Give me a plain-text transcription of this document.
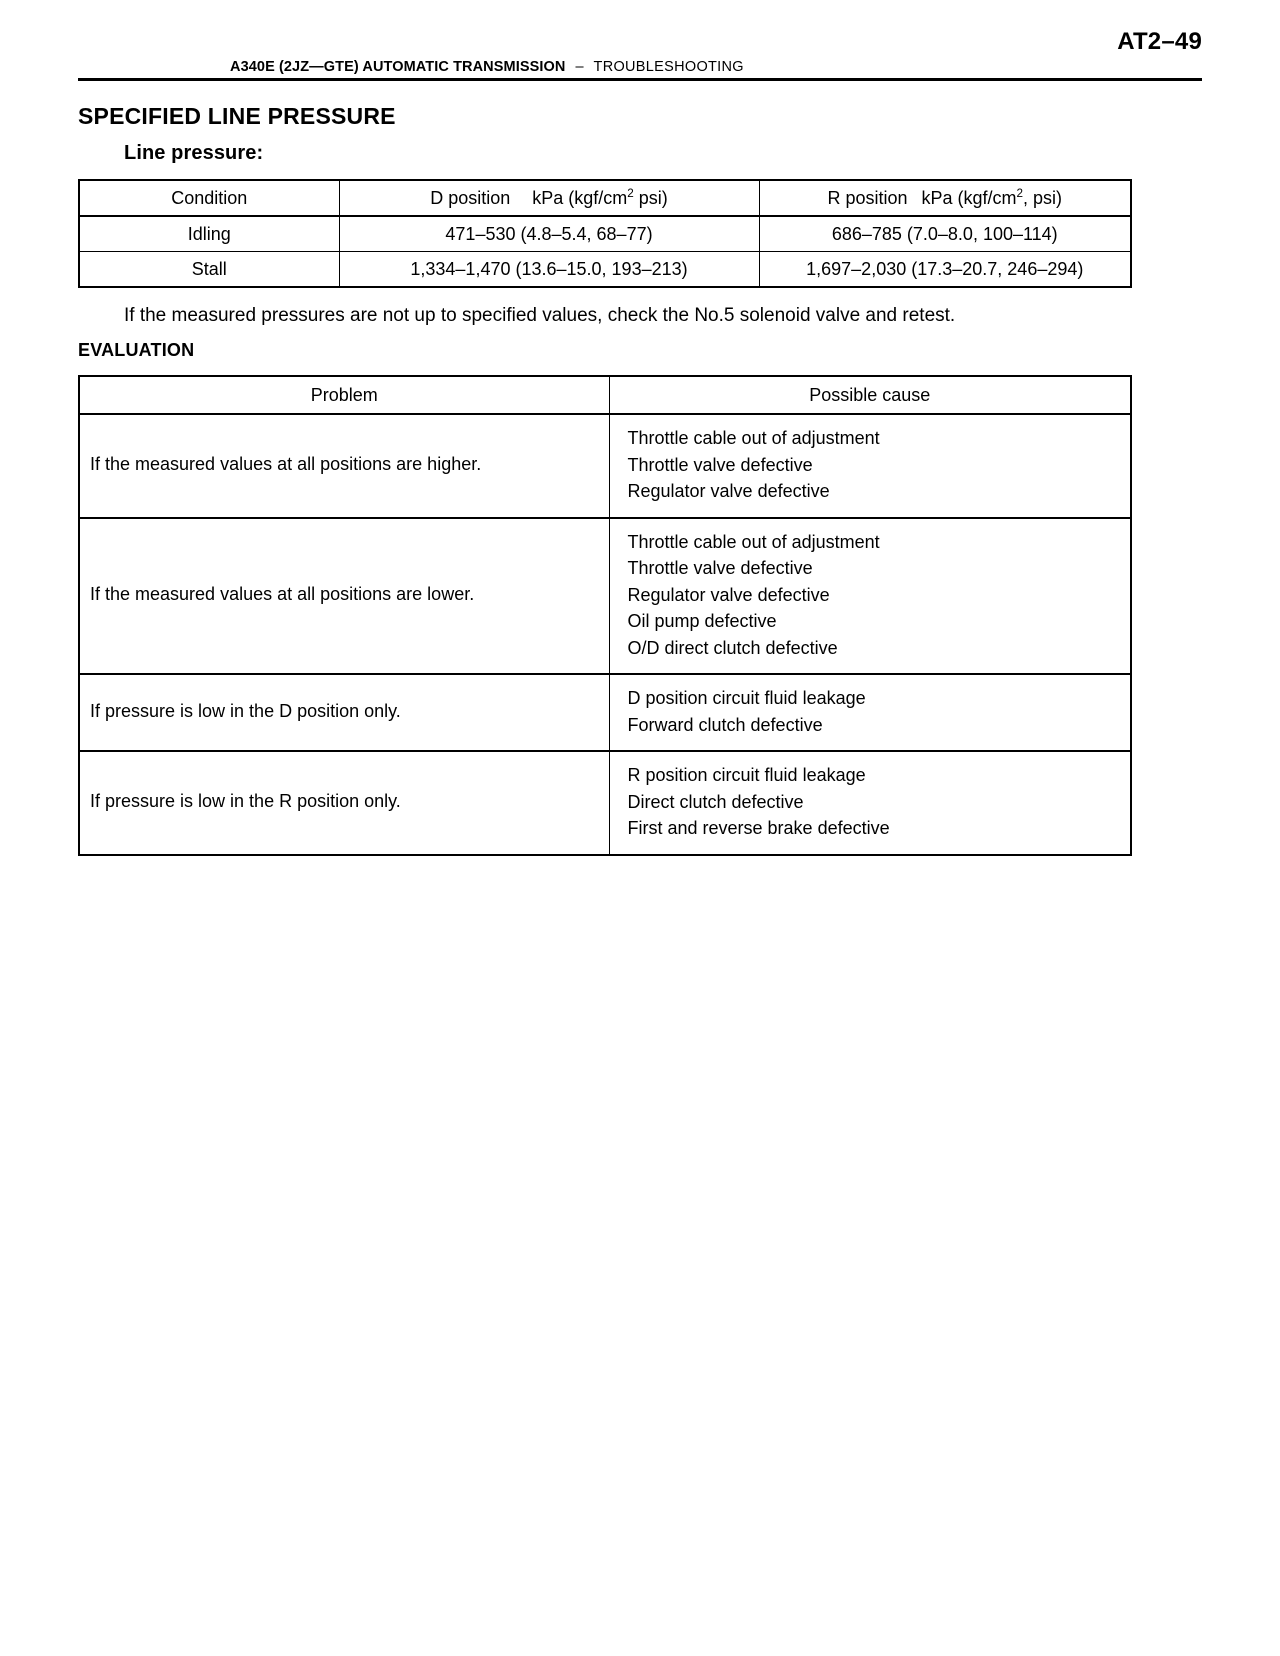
AT2–49
A340E (2JZ—GTE) AUTOMATIC TRANSMISSION – TROUBLESHOOTING
SPECIFIED LINE PRESSURE
Line pressure:
Condition	D position kPa ($kgf/cm^2$ psi)	R position kPa ($kgf/cm^2$, psi)
Idling	471–530 (4.8–5.4, 68–77)	686–785 (7.0–8.0, 100–114)
Stall	1,334–1,470 (13.6–15.0, 193–213)	1,697–2,030 (17.3–20.7, 246–294)
If the measured pressures are not up to specified values, check the No.5 solenoid valve and retest.
EVALUATION
Problem	Possible cause
If the measured values at all positions are higher.	Throttle cable out of adjustment
Throttle valve defective
Regulator valve defective

If the measured values at all positions are lower.	Throttle cable out of adjustment
Throttle valve defective
Regulator valve defective
Oil pump defective
O/D direct clutch defective

If pressure is low in the D position only.	D position circuit fluid leakage
Forward clutch defective

If pressure is low in the R position only.	R position circuit fluid leakage
Direct clutch defective
First and reverse brake defective
